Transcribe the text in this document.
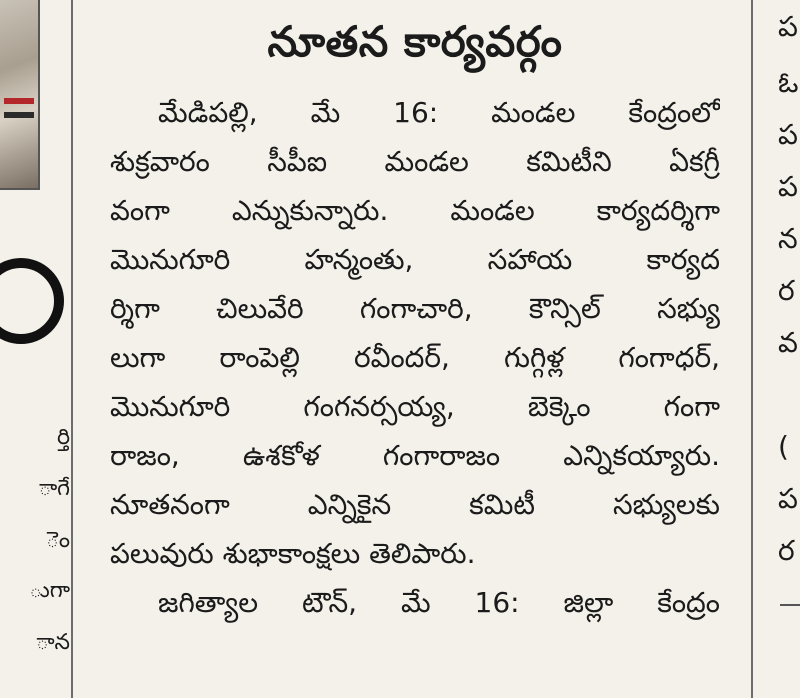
ర్తి
ాగే
ెం
ుగా
ాన
నూతన కార్యవర్గం
మేడిపల్లి, మే 16: మండల కేంద్రంలో
శుక్రవారం సీపీఐ మండల కమిటీని ఏకగ్రీ
వంగా ఎన్నుకున్నారు. మండల కార్యదర్శిగా
మొనుగూరి హన్మంతు, సహాయ కార్యద
ర్శిగా చిలువేరి గంగాచారి, కౌన్సిల్ సభ్యు
లుగా రాంపెల్లి రవీందర్, గుగ్గిళ్ల గంగాధర్,
మొనుగూరి గంగనర్సయ్య, బెక్కెం గంగా
రాజం, ఉశకోళ గంగారాజం ఎన్నికయ్యారు.
నూతనంగా ఎన్నికైన కమిటీ సభ్యులకు
పలువురు శుభాకాంక్షలు తెలిపారు.
జగిత్యాల టౌన్, మే 16: జిల్లా కేంద్రం
ప
ఓ
ప
ప
న
ర
వ
(
ప
ర
